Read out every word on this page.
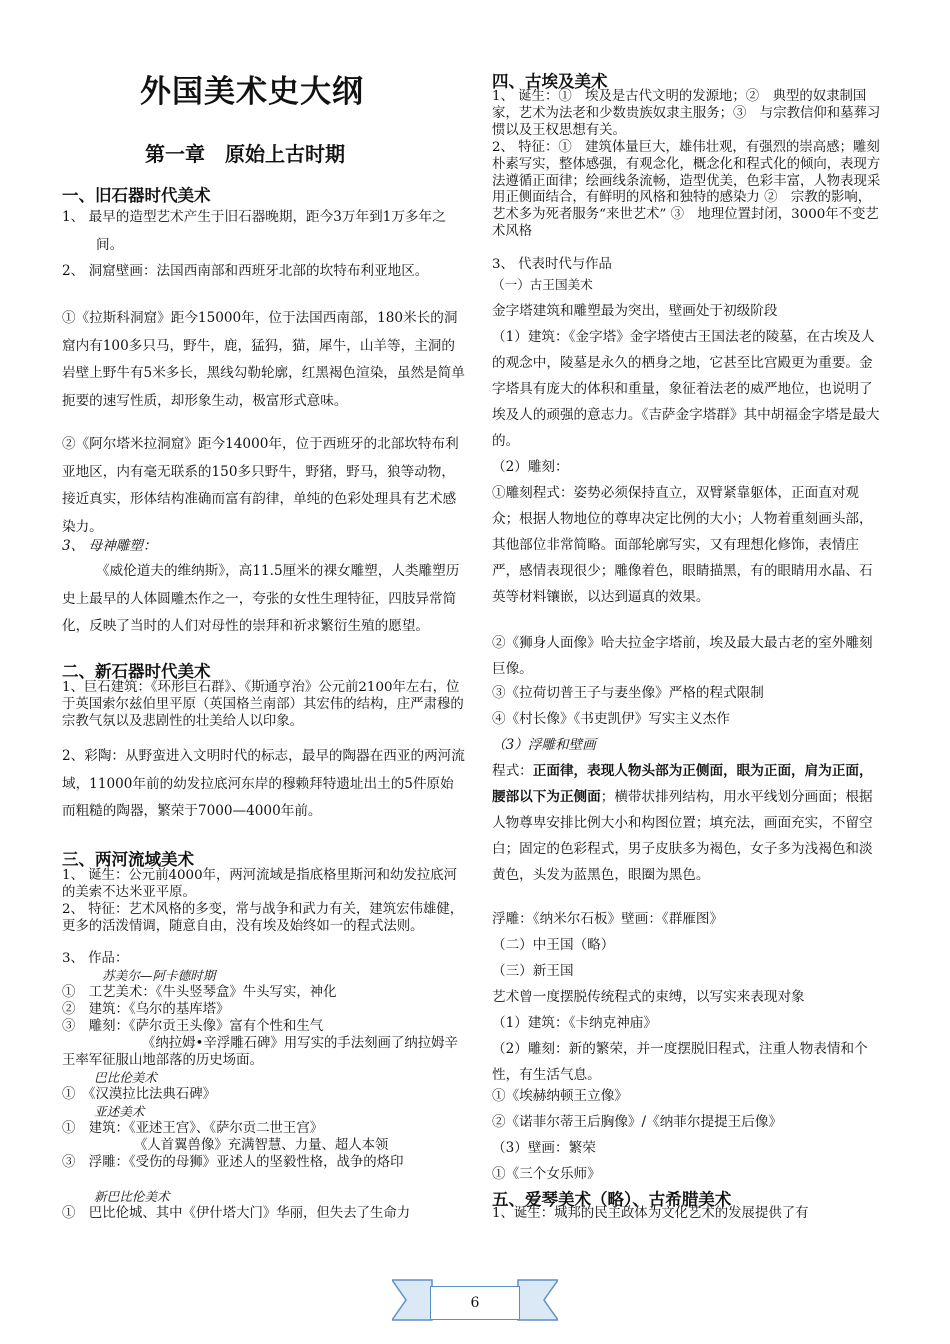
外国美术史大纲
第一章　原始上古时期
一、旧石器时代美术
1、 最早的造型艺术产生于旧石器晚期，距今3万年到1万多年之间。
2、 洞窟壁画：法国西南部和西班牙北部的坎特布利亚地区。
①《拉斯科洞窟》距今15000年，位于法国西南部，180米长的洞窟内有100多只马，野牛，鹿，猛犸，猫，犀牛，山羊等，主洞的岩壁上野牛有5米多长，黑线勾勒轮廓，红黑褐色渲染，虽然是简单扼要的速写性质，却形象生动，极富形式意味。
②《阿尔塔米拉洞窟》距今14000年，位于西班牙的北部坎特布利亚地区，内有毫无联系的150多只野牛，野猪，野马，狼等动物，接近真实，形体结构准确而富有韵律，单纯的色彩处理具有艺术感染力。
3、 母神雕塑：
《威伦道夫的维纳斯》，高11.5厘米的裸女雕塑，人类雕塑历史上最早的人体圆雕杰作之一，夸张的女性生理特征，四肢异常简化，反映了当时的人们对母性的崇拜和祈求繁衍生殖的愿望。
二、新石器时代美术
1、巨石建筑：《环形巨石群》、《斯通亨治》公元前2100年左右，位于英国索尔兹伯里平原（英国格兰南部）其宏伟的结构，庄严肃穆的宗教气氛以及悲剧性的壮美给人以印象。
2、彩陶：从野蛮进入文明时代的标志，最早的陶器在西亚的两河流域，11000年前的幼发拉底河东岸的穆赖拜特遗址出土的5件原始而粗糙的陶器，繁荣于7000—4000年前。
三、两河流域美术
1、 诞生：公元前4000年，两河流域是指底格里斯河和幼发拉底河的美索不达米亚平原。
2、 特征：艺术风格的多变，常与战争和武力有关，建筑宏伟雄健，更多的活泼情调，随意自由，没有埃及始终如一的程式法则。
3、 作品：
苏美尔—阿卡德时期
①　工艺美术：《牛头竖琴盒》牛头写实，神化
②　建筑：《乌尔的基库塔》
③　雕刻：《萨尔贡王头像》富有个性和生气
《纳拉姆•辛浮雕石碑》用写实的手法刻画了纳拉姆辛王率军征服山地部落的历史场面。
巴比伦美术
①　《汉漠拉比法典石碑》
亚述美术
①　建筑：《亚述王宫》、《萨尔贡二世王宫》
《人首翼兽像》充满智慧、力量、超人本领
③　浮雕：《受伤的母狮》亚述人的坚毅性格，战争的烙印
新巴比伦美术
①　巴比伦城、其中《伊什塔大门》华丽，但失去了生命力
四、古埃及美术
1、 诞生：①　埃及是古代文明的发源地；②　典型的奴隶制国家，艺术为法老和少数贵族奴隶主服务；③　与宗教信仰和墓葬习惯以及王权思想有关。
2、 特征：①　建筑体量巨大，雄伟壮观，有强烈的崇高感；雕刻朴素写实，整体感强，有观念化，概念化和程式化的倾向，表现方法遵循正面律；绘画线条流畅，造型优美，色彩丰富，人物表现采用正侧面结合，有鲜明的风格和独特的感染力 ②　宗教的影响，艺术多为死者服务“来世艺术” ③　地理位置封闭，3000年不变艺术风格
3、 代表时代与作品
（一）古王国美术
金字塔建筑和雕塑最为突出，壁画处于初级阶段
（1）建筑：《金字塔》金字塔使古王国法老的陵墓，在古埃及人的观念中，陵墓是永久的栖身之地，它甚至比宫殿更为重要。金字塔具有庞大的体积和重量，象征着法老的威严地位，也说明了埃及人的顽强的意志力。《吉萨金字塔群》其中胡福金字塔是最大的。
（2）雕刻：
①雕刻程式：姿势必须保持直立，双臂紧靠躯体，正面直对观众；根据人物地位的尊卑决定比例的大小；人物着重刻画头部，其他部位非常简略。面部轮廓写实，又有理想化修饰，表情庄严，感情表现很少；雕像着色，眼睛描黑，有的眼睛用水晶、石英等材料镶嵌，以达到逼真的效果。
②《狮身人面像》哈夫拉金字塔前，埃及最大最古老的室外雕刻巨像。
③《拉荷切普王子与妻坐像》严格的程式限制
④《村长像》《书吏凯伊》写实主义杰作
（3）浮雕和壁画
程式：正面律，表现人物头部为正侧面，眼为正面，肩为正面，腰部以下为正侧面；横带状排列结构，用水平线划分画面；根据人物尊卑安排比例大小和构图位置；填充法，画面充实，不留空白；固定的色彩程式，男子皮肤多为褐色，女子多为浅褐色和淡黄色，头发为蓝黑色，眼圈为黑色。
浮雕：《纳米尔石板》壁画：《群雁图》
（二）中王国（略）
（三）新王国
艺术曾一度摆脱传统程式的束缚，以写实来表现对象
（1）建筑：《卡纳克神庙》
（2）雕刻：新的繁荣，并一度摆脱旧程式，注重人物表情和个性，有生活气息。
①《埃赫纳顿王立像》
②《诺菲尔蒂王后胸像》/《纳菲尔提提王后像》
（3）壁画：繁荣
①《三个女乐师》
五、爱琴美术（略）、古希腊美术
1、诞生：城邦的民主政体为文化艺术的发展提供了有
6
